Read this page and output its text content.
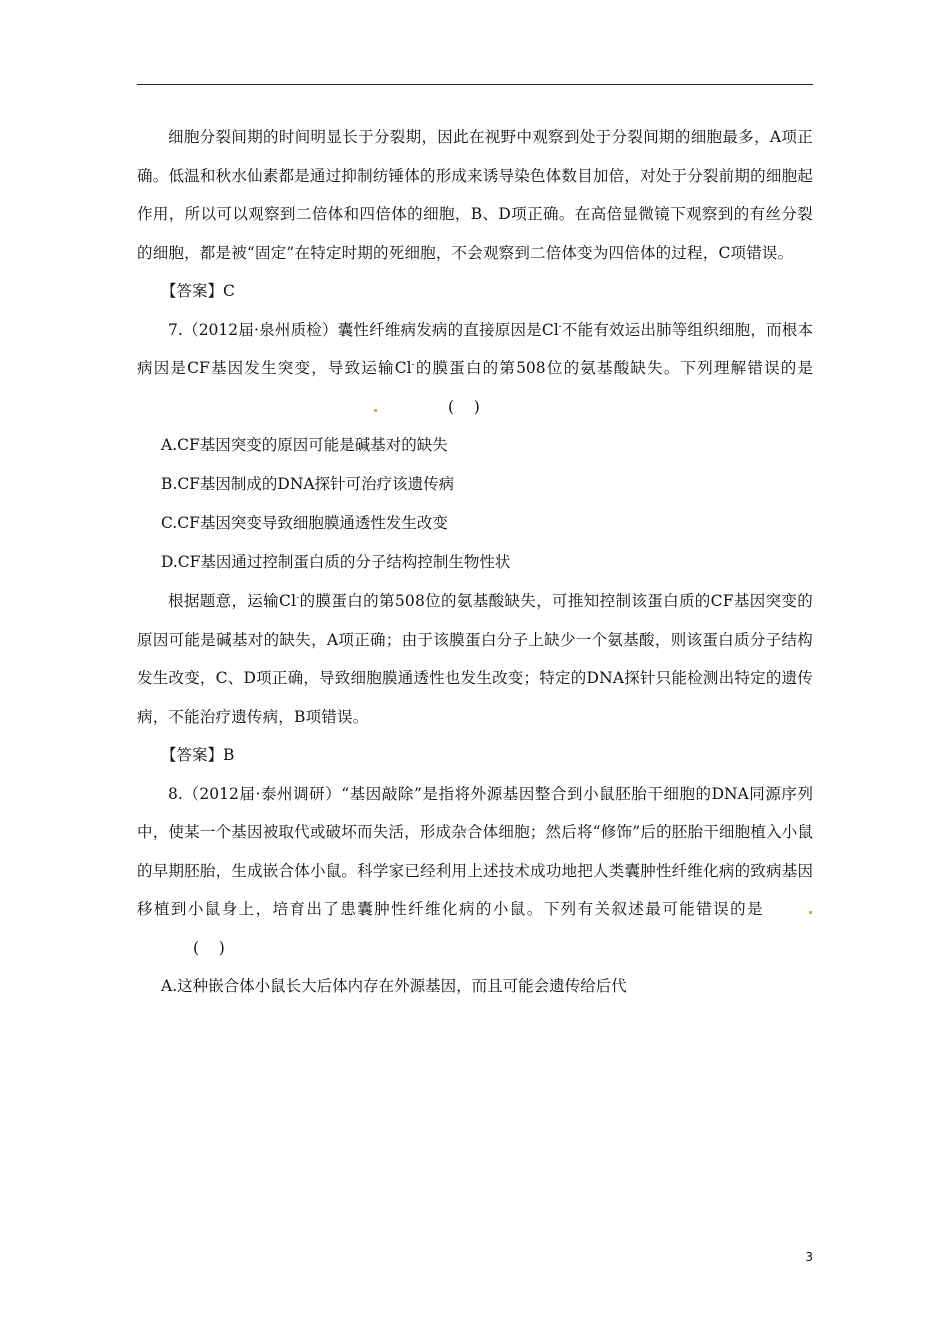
细胞分裂间期的时间明显长于分裂期，因此在视野中观察到处于分裂间期的细胞最多，A项正确。低温和秋水仙素都是通过抑制纺锤体的形成来诱导染色体数目加倍，对处于分裂前期的细胞起作用，所以可以观察到二倍体和四倍体的细胞，B、D项正确。在高倍显微镜下观察到的有丝分裂的细胞，都是被“固定”在特定时期的死细胞，不会观察到二倍体变为四倍体的过程，C项错误。

【答案】C

7.（2012届·泉州质检）囊性纤维病发病的直接原因是Cl-不能有效运出肺等组织细胞，而根本病因是CF基因发生突变，导致运输Cl-的膜蛋白的第508位的氨基酸缺失。下列理解错误的是(    )

A.CF基因突变的原因可能是碱基对的缺失

B.CF基因制成的DNA探针可治疗该遗传病

C.CF基因突变导致细胞膜通透性发生改变

D.CF基因通过控制蛋白质的分子结构控制生物性状

根据题意，运输Cl-的膜蛋白的第508位的氨基酸缺失，可推知控制该蛋白质的CF基因突变的原因可能是碱基对的缺失，A项正确；由于该膜蛋白分子上缺少一个氨基酸，则该蛋白质分子结构发生改变，C、D项正确，导致细胞膜通透性也发生改变；特定的DNA探针只能检测出特定的遗传病，不能治疗遗传病，B项错误。

【答案】B

8.（2012届·泰州调研）“基因敲除”是指将外源基因整合到小鼠胚胎干细胞的DNA同源序列中，使某一个基因被取代或破坏而失活，形成杂合体细胞；然后将“修饰”后的胚胎干细胞植入小鼠的早期胚胎，生成嵌合体小鼠。科学家已经利用上述技术成功地把人类囊肿性纤维化病的致病基因移植到小鼠身上，培育出了患囊肿性纤维化病的小鼠。下列有关叙述最可能错误的是(    )

A.这种嵌合体小鼠长大后体内存在外源基因，而且可能会遗传给后代

3
